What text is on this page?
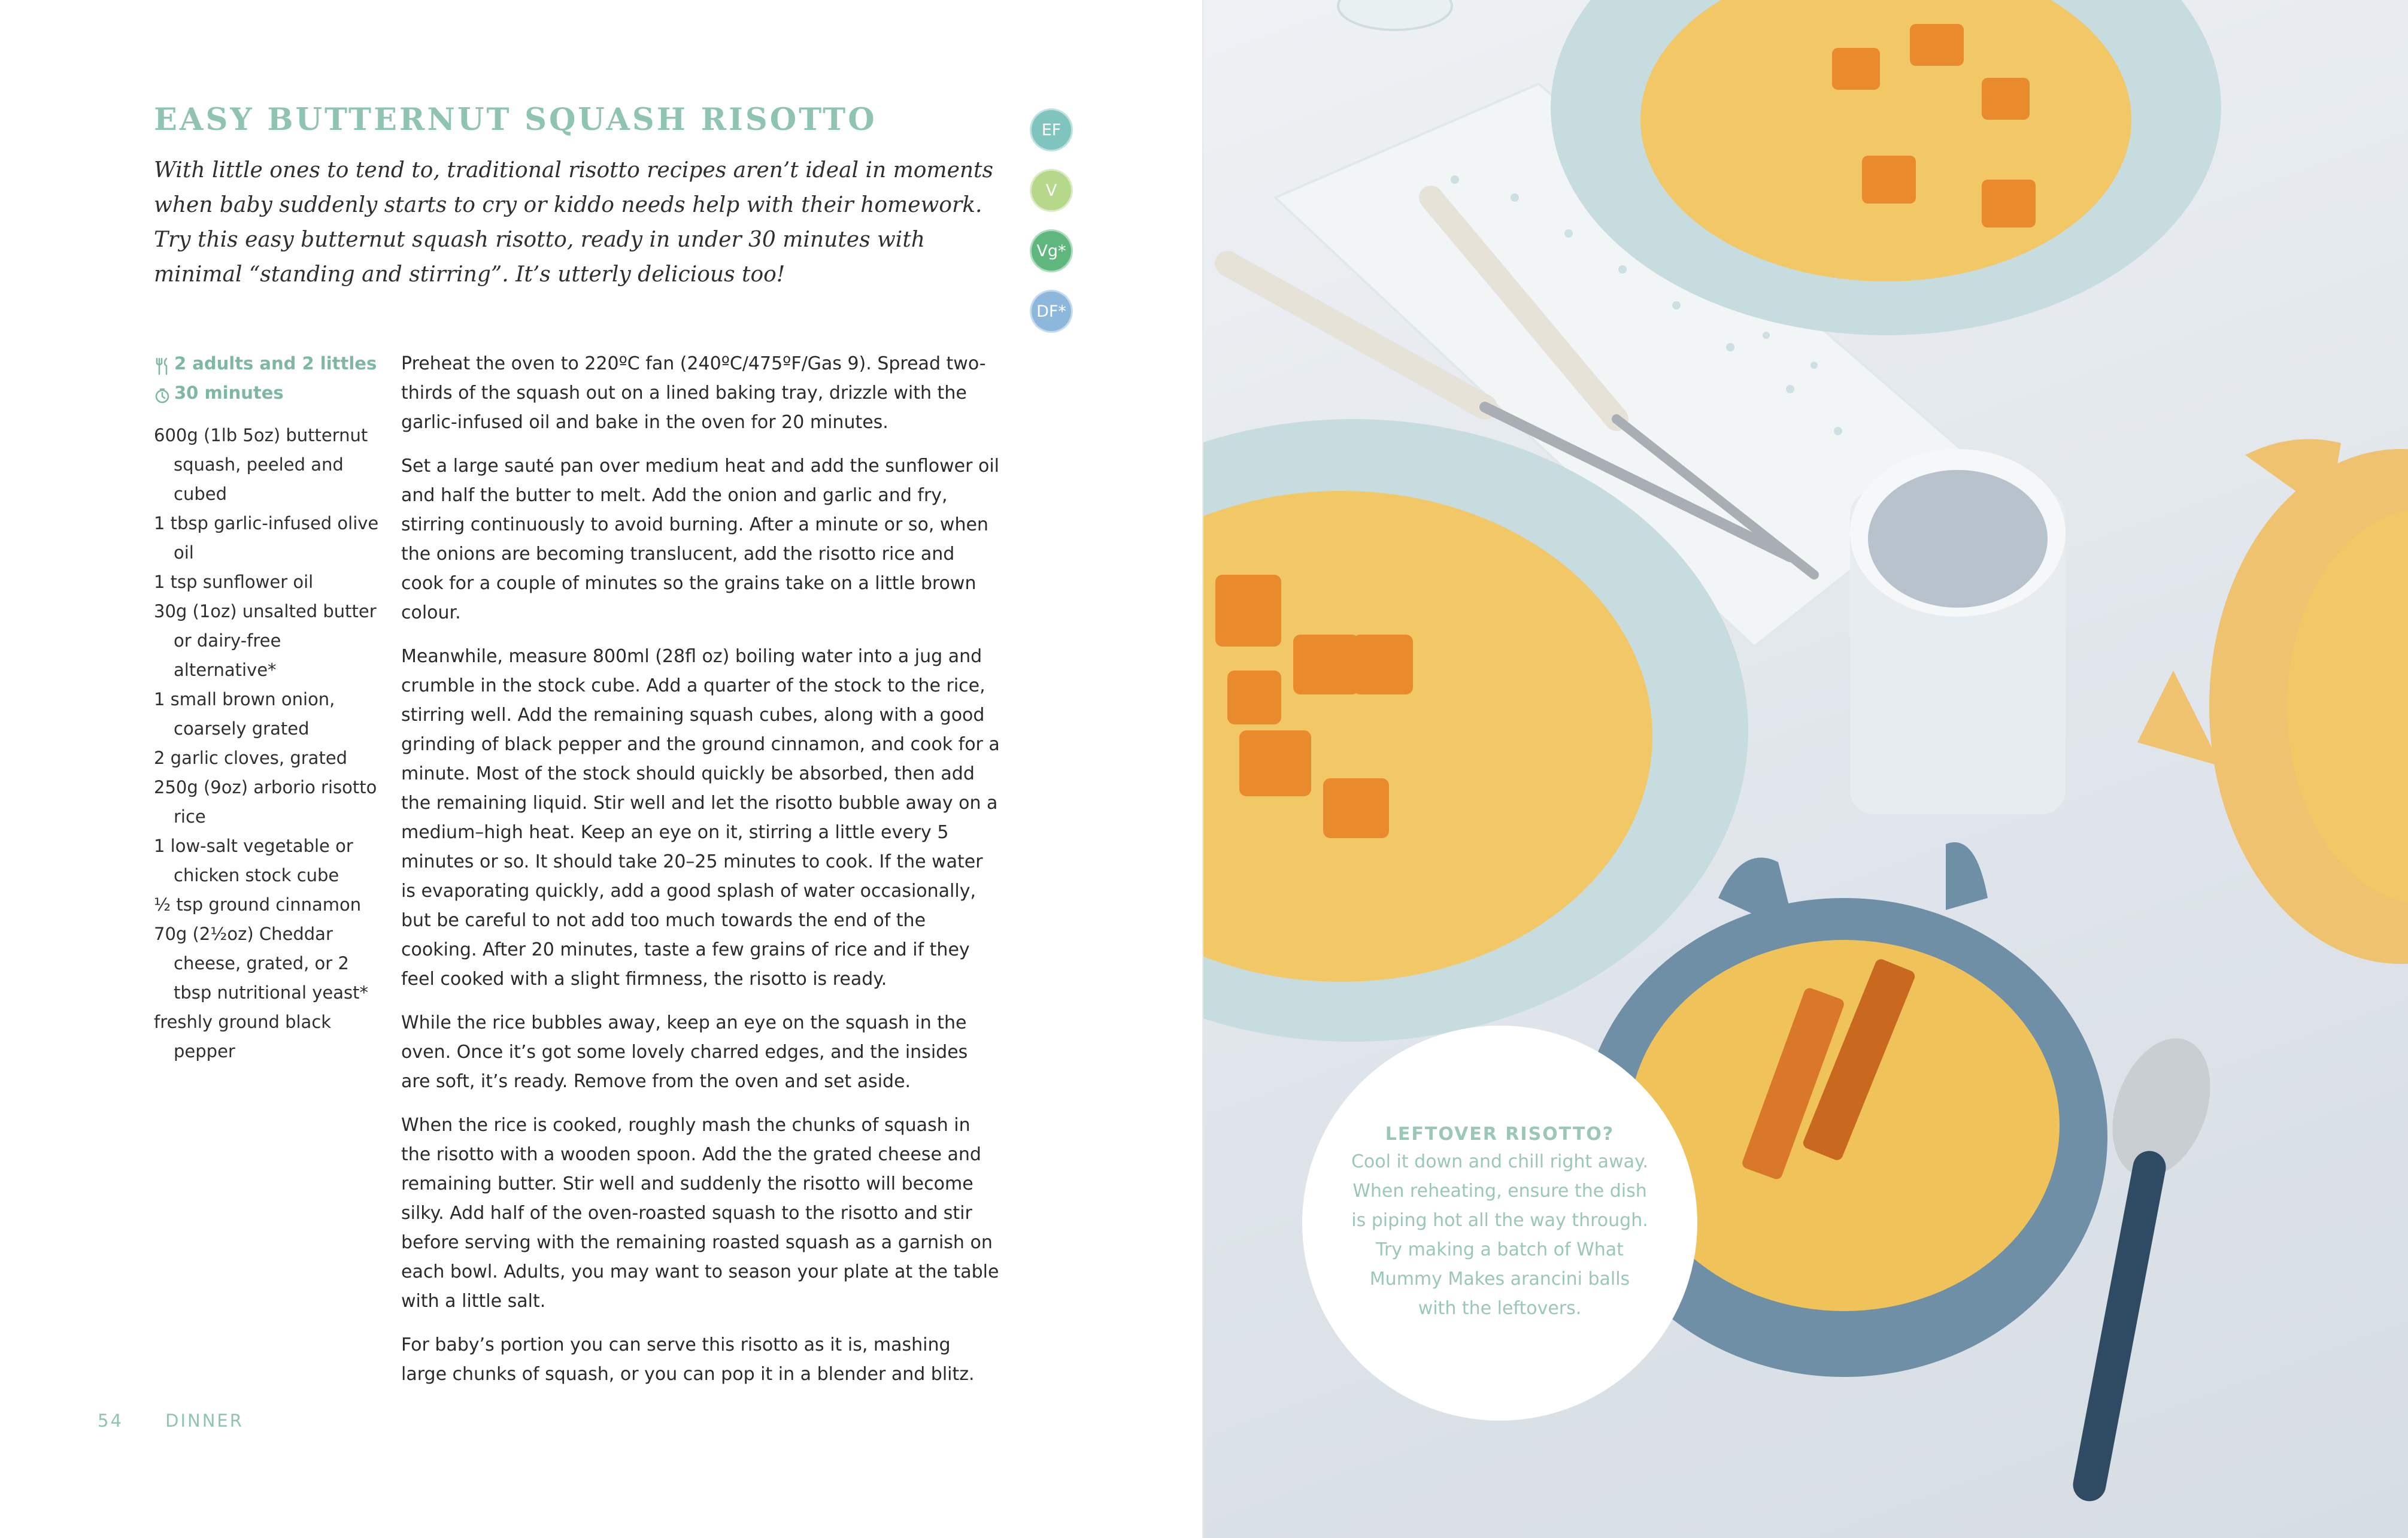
EASY BUTTERNUT SQUASH RISOTTO

With little ones to tend to, traditional risotto recipes aren’t ideal in moments when baby suddenly starts to cry or kiddo needs help with their homework. Try this easy butternut squash risotto, ready in under 30 minutes with minimal “standing and stirring”. It’s utterly delicious too!

EF
V
Vg*
DF*
2 adults and 2 littles
30 minutes
600g (1lb 5oz) butternut squash, peeled and cubed
1 tbsp garlic-infused olive oil
1 tsp sunflower oil
30g (1oz) unsalted butter or dairy-free alternative*
1 small brown onion, coarsely grated
2 garlic cloves, grated
250g (9oz) arborio risotto rice
1 low-salt vegetable or chicken stock cube
½ tsp ground cinnamon
70g (2½oz) Cheddar cheese, grated, or 2 tbsp nutritional yeast*
freshly ground black pepper

Preheat the oven to 220ºC fan (240ºC/475ºF/Gas 9). Spread two-thirds of the squash out on a lined baking tray, drizzle with the garlic-infused oil and bake in the oven for 20 minutes.

Set a large sauté pan over medium heat and add the sunflower oil and half the butter to melt. Add the onion and garlic and fry, stirring continuously to avoid burning. After a minute or so, when the onions are becoming translucent, add the risotto rice and cook for a couple of minutes so the grains take on a little brown colour.

Meanwhile, measure 800ml (28fl oz) boiling water into a jug and crumble in the stock cube. Add a quarter of the stock to the rice, stirring well. Add the remaining squash cubes, along with a good grinding of black pepper and the ground cinnamon, and cook for a minute. Most of the stock should quickly be absorbed, then add the remaining liquid. Stir well and let the risotto bubble away on a medium–high heat. Keep an eye on it, stirring a little every 5 minutes or so. It should take 20–25 minutes to cook. If the water is evaporating quickly, add a good splash of water occasionally, but be careful to not add too much towards the end of the cooking. After 20 minutes, taste a few grains of rice and if they feel cooked with a slight firmness, the risotto is ready.

While the rice bubbles away, keep an eye on the squash in the oven. Once it’s got some lovely charred edges, and the insides are soft, it’s ready. Remove from the oven and set aside.

When the rice is cooked, roughly mash the chunks of squash in the risotto with a wooden spoon. Add the the grated cheese and remaining butter. Stir well and suddenly the risotto will become silky. Add half of the oven-roasted squash to the risotto and stir before serving with the remaining roasted squash as a garnish on each bowl. Adults, you may want to season your plate at the table with a little salt.

For baby’s portion you can serve this risotto as it is, mashing large chunks of squash, or you can pop it in a blender and blitz.

54 DINNER
LEFTOVER RISOTTO?
Cool it down and chill right away. When reheating, ensure the dish is piping hot all the way through. Try making a batch of What Mummy Makes arancini balls with the leftovers.
